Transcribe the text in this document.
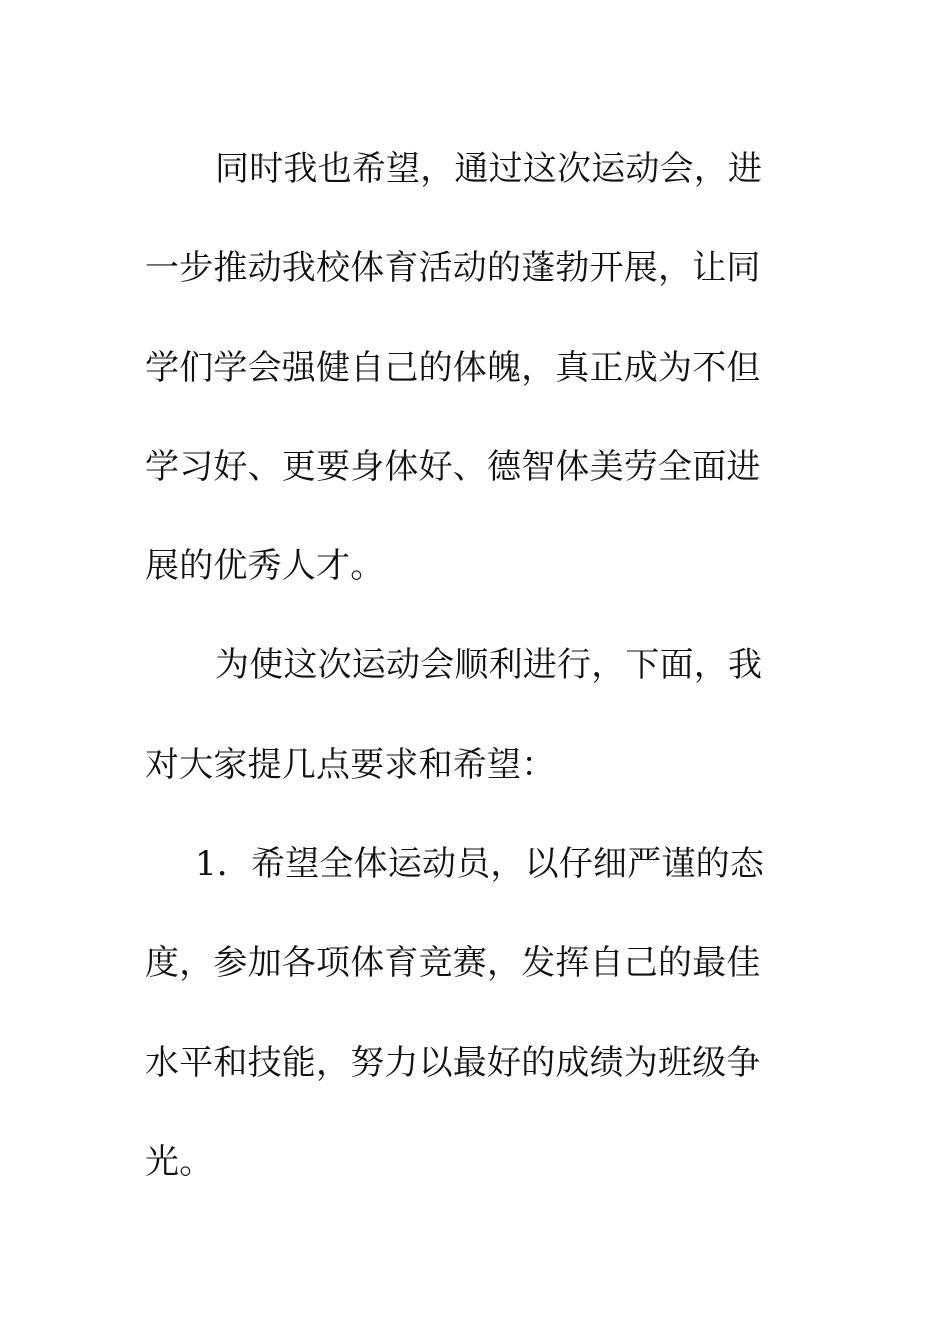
同时我也希望，通过这次运动会，进
一步推动我校体育活动的蓬勃开展，让同
学们学会强健自己的体魄，真正成为不但
学习好、更要身体好、德智体美劳全面进
展的优秀人才。
为使这次运动会顺利进行，下面，我
对大家提几点要求和希望：
1．希望全体运动员，以仔细严谨的态
度，参加各项体育竞赛，发挥自己的最佳
水平和技能，努力以最好的成绩为班级争
光。
